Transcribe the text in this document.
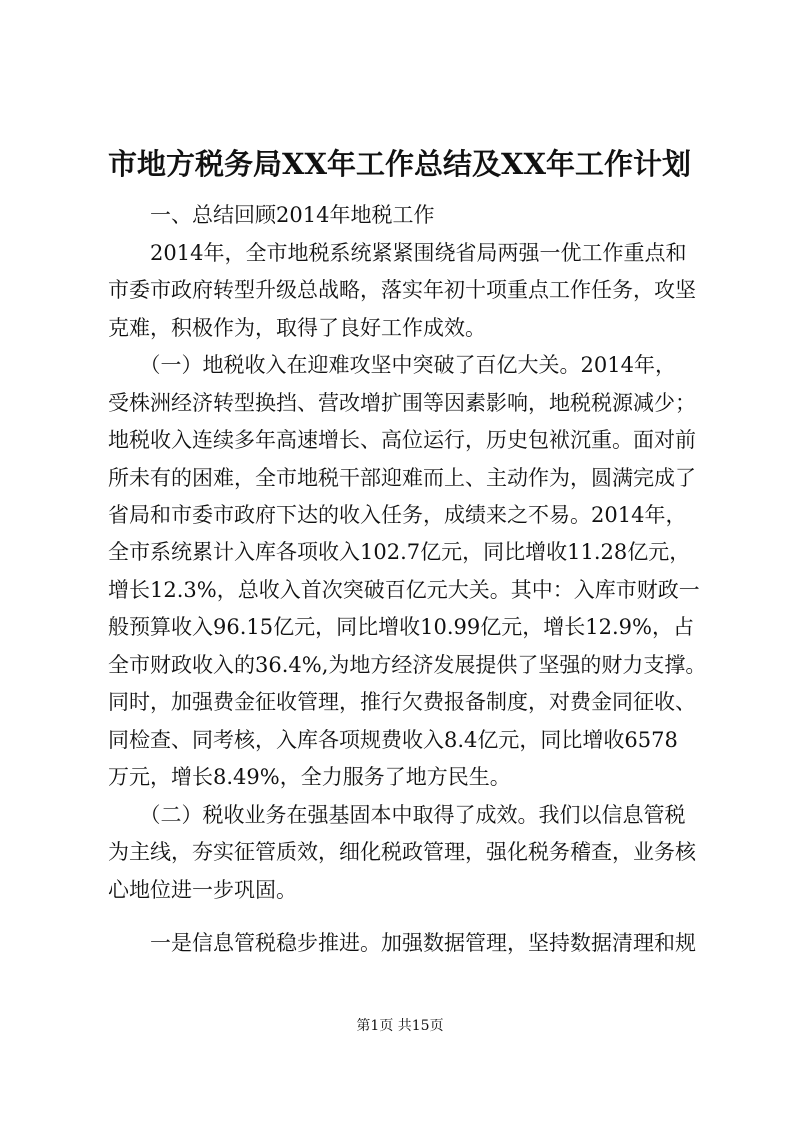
市地方税务局XX年工作总结及XX年工作计划
　　一、总结回顾2014年地税工作
　　2014年，全市地税系统紧紧围绕省局两强一优工作重点和
市委市政府转型升级总战略，落实年初十项重点工作任务，攻坚
克难，积极作为，取得了良好工作成效。
　　（一）地税收入在迎难攻坚中突破了百亿大关。2014年，
受株洲经济转型换挡、营改增扩围等因素影响，地税税源减少；
地税收入连续多年高速增长、高位运行，历史包袱沉重。面对前
所未有的困难，全市地税干部迎难而上、主动作为，圆满完成了
省局和市委市政府下达的收入任务，成绩来之不易。2014年，
全市系统累计入库各项收入102.7亿元，同比增收11.28亿元，
增长12.3%，总收入首次突破百亿元大关。其中：入库市财政一
般预算收入96.15亿元，同比增收10.99亿元，增长12.9%，占
全市财政收入的36.4%,为地方经济发展提供了坚强的财力支撑。
同时，加强费金征收管理，推行欠费报备制度，对费金同征收、
同检查、同考核，入库各项规费收入8.4亿元，同比增收6578
万元，增长8.49%，全力服务了地方民生。
　　（二）税收业务在强基固本中取得了成效。我们以信息管税
为主线，夯实征管质效，细化税政管理，强化税务稽查，业务核
心地位进一步巩固。
　　一是信息管税稳步推进。加强数据管理，坚持数据清理和规
第1页 共15页
